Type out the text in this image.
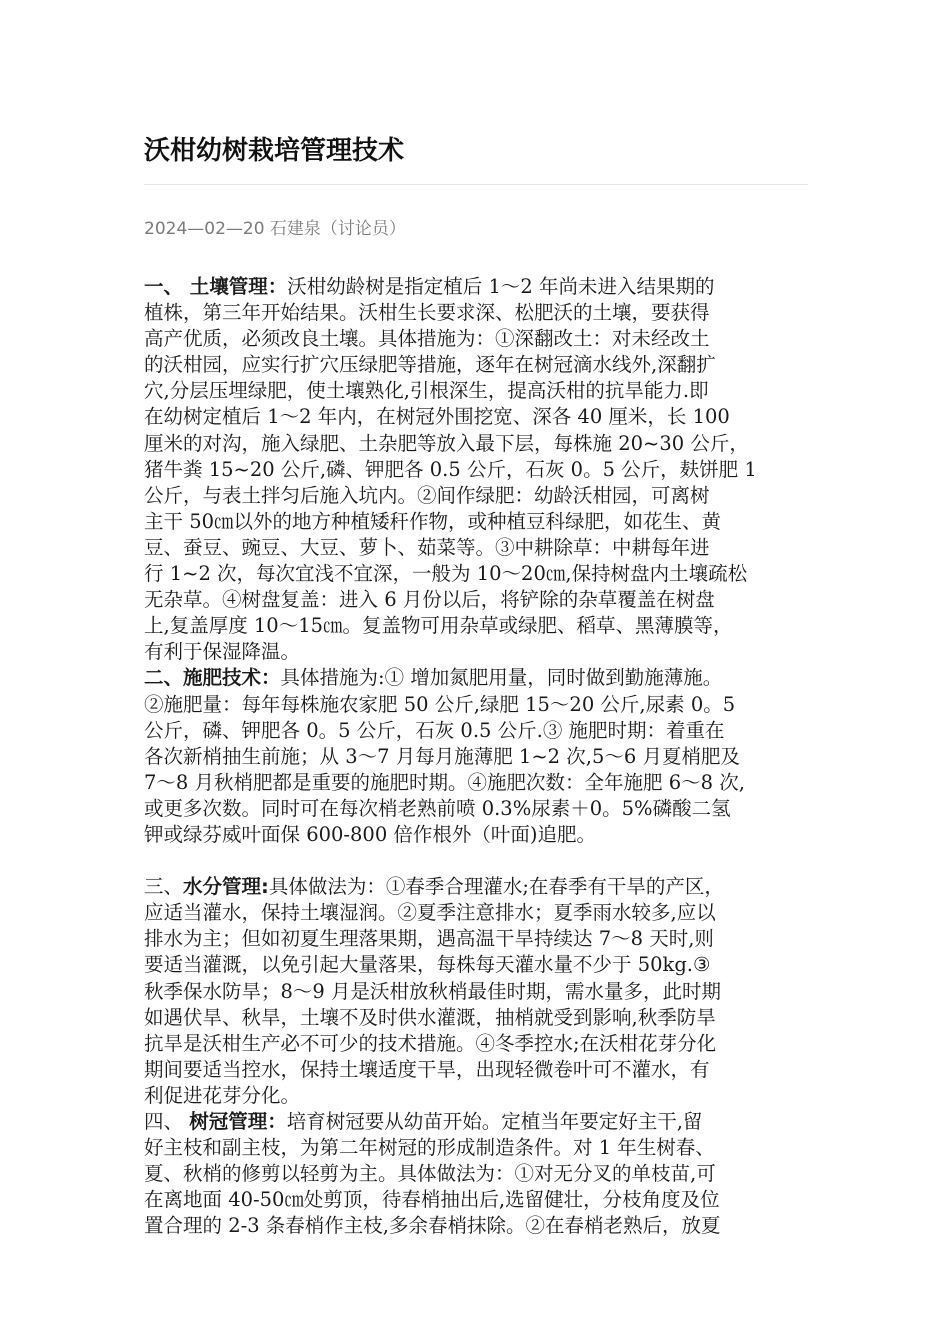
沃柑幼树栽培管理技术
2024—02—20 石建泉（讨论员）
一、 土壤管理：沃柑幼龄树是指定植后 1～2 年尚未进入结果期的
植株，第三年开始结果。沃柑生长要求深、松肥沃的土壤，要获得
高产优质，必须改良土壤。具体措施为：①深翻改土：对未经改土
的沃柑园，应实行扩穴压绿肥等措施，逐年在树冠滴水线外,深翻扩
穴,分层压埋绿肥，使土壤熟化,引根深生，提高沃柑的抗旱能力.即
在幼树定植后 1～2 年内，在树冠外围挖宽、深各 40 厘米，长 100
厘米的对沟，施入绿肥、土杂肥等放入最下层，每株施 20~30 公斤，
猪牛粪 15~20 公斤,磷、钾肥各 0.5 公斤，石灰 0。5 公斤，麸饼肥 1
公斤，与表土拌匀后施入坑内。②间作绿肥：幼龄沃柑园，可离树
主干 50㎝以外的地方种植矮秆作物，或种植豆科绿肥，如花生、黄
豆、蚕豆、豌豆、大豆、萝卜、茹菜等。③中耕除草：中耕每年进
行 1~2 次，每次宜浅不宜深，一般为 10～20㎝,保持树盘内土壤疏松
无杂草。④树盘复盖：进入 6 月份以后，将铲除的杂草覆盖在树盘
上,复盖厚度 10～15㎝。复盖物可用杂草或绿肥、稻草、黑薄膜等，
有利于保湿降温。
二、施肥技术：具体措施为:① 增加氮肥用量，同时做到勤施薄施。
②施肥量：每年每株施农家肥 50 公斤,绿肥 15～20 公斤,尿素 0。5
公斤，磷、钾肥各 0。5 公斤，石灰 0.5 公斤.③ 施肥时期：着重在
各次新梢抽生前施；从 3～7 月每月施薄肥 1~2 次,5～6 月夏梢肥及
7～8 月秋梢肥都是重要的施肥时期。④施肥次数：全年施肥 6～8 次,
或更多次数。同时可在每次梢老熟前喷 0.3%尿素＋0。5%磷酸二氢
钾或绿芬威叶面保 600-800 倍作根外（叶面)追肥。
三、水分管理:具体做法为：①春季合理灌水;在春季有干旱的产区，
应适当灌水，保持土壤湿润。②夏季注意排水；夏季雨水较多,应以
排水为主；但如初夏生理落果期，遇高温干旱持续达 7～8 天时,则
要适当灌溉，以免引起大量落果，每株每天灌水量不少于 50kg.③
秋季保水防旱；8～9 月是沃柑放秋梢最佳时期，需水量多，此时期
如遇伏旱、秋旱，土壤不及时供水灌溉，抽梢就受到影响,秋季防旱
抗旱是沃柑生产必不可少的技术措施。④冬季控水;在沃柑花芽分化
期间要适当控水，保持土壤适度干旱，出现轻微卷叶可不灌水，有
利促进花芽分化。
四、 树冠管理：培育树冠要从幼苗开始。定植当年要定好主干,留
好主枝和副主枝，为第二年树冠的形成制造条件。对 1 年生树春、
夏、秋梢的修剪以轻剪为主。具体做法为：①对无分叉的单枝苗,可
在离地面 40-50㎝处剪顶，待春梢抽出后,选留健壮，分枝角度及位
置合理的 2-3 条春梢作主枝,多余春梢抹除。②在春梢老熟后，放夏
